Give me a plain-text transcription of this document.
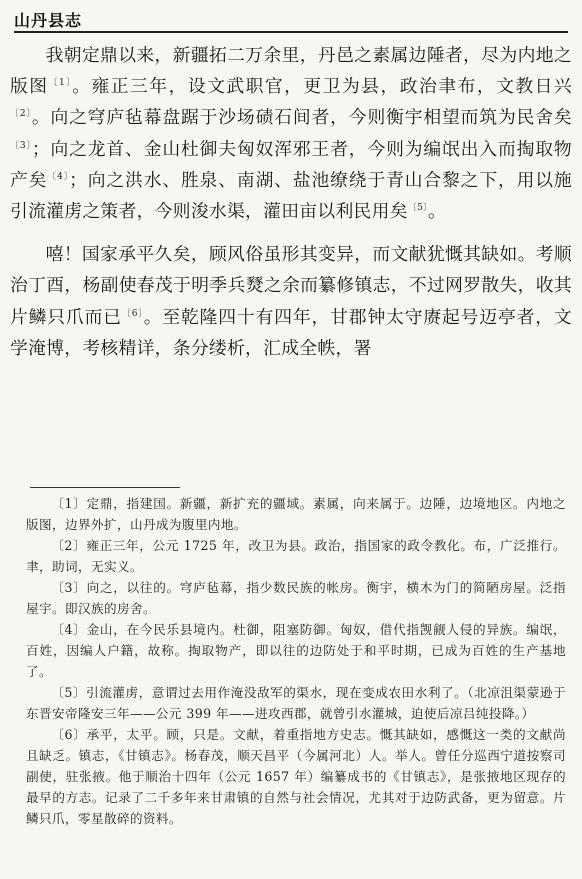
山丹县志

我朝定鼎以来，新疆拓二万余里，丹邑之素属边陲者，尽为内地之版图$^{〔1〕}$。雍正三年，设文武职官，更卫为县，政治聿布，文教日兴$^{〔2〕}$。向之穹庐毡幕盘踞于沙场碛石间者，今则衡宇相望而筑为民舍矣$^{〔3〕}$；向之龙首、金山杜御夫匈奴浑邪王者，今则为编氓出入而掏取物产矣$^{〔4〕}$；向之洪水、胜泉、南湖、盐池缭绕于青山合黎之下，用以施引流灌虏之策者，今则浚水渠，灌田亩以利民用矣$^{〔5〕}$。

嘻！国家承平久矣，顾风俗虽形其变异，而文献犹慨其缺如。考顺治丁酉，杨副使春茂于明季兵燹之余而纂修镇志，不过网罗散失，收其片鳞只爪而已$^{〔6〕}$。至乾隆四十有四年，甘郡钟太守赓起号迈亭者，文学淹博，考核精详，条分缕析，汇成全帙，署

〔1〕定鼎，指建国。新疆，新扩充的疆域。素属，向来属于。边陲，边境地区。内地之版图，边界外扩，山丹成为腹里内地。

〔2〕雍正三年，公元 1725 年，改卫为县。政治，指国家的政令教化。布，广泛推行。聿，助词，无实义。

〔3〕向之，以往的。穹庐毡幕，指少数民族的帐房。衡宇，横木为门的简陋房屋。泛指屋宇。即汉族的房舍。

〔4〕金山，在今民乐县境内。杜御，阻塞防御。匈奴，借代指觊觎人侵的异族。编氓，百姓，因编人户籍，故称。掏取物产，即以往的边防处于和平时期，已成为百姓的生产基地了。

〔5〕引流灌虏，意谓过去用作淹没敌军的渠水，现在变成农田水利了。（北凉沮渠蒙逊于东晋安帝隆安三年——公元 399 年——进攻西郡，就曾引水灌城，迫使后凉吕纯投降。）

〔6〕承平，太平。顾，只是。文献，着重指地方史志。慨其缺如，感慨这一类的文献尚且缺乏。镇志，《甘镇志》。杨春茂，顺天昌平（今属河北）人。举人。曾任分巡西宁道按察司副使，驻张掖。他于顺治十四年（公元 1657 年）编纂成书的《甘镇志》，是张掖地区现存的最早的方志。记录了二千多年来甘肃镇的自然与社会情况，尤其对于边防武备，更为留意。片鳞只爪，零星散碎的资料。
